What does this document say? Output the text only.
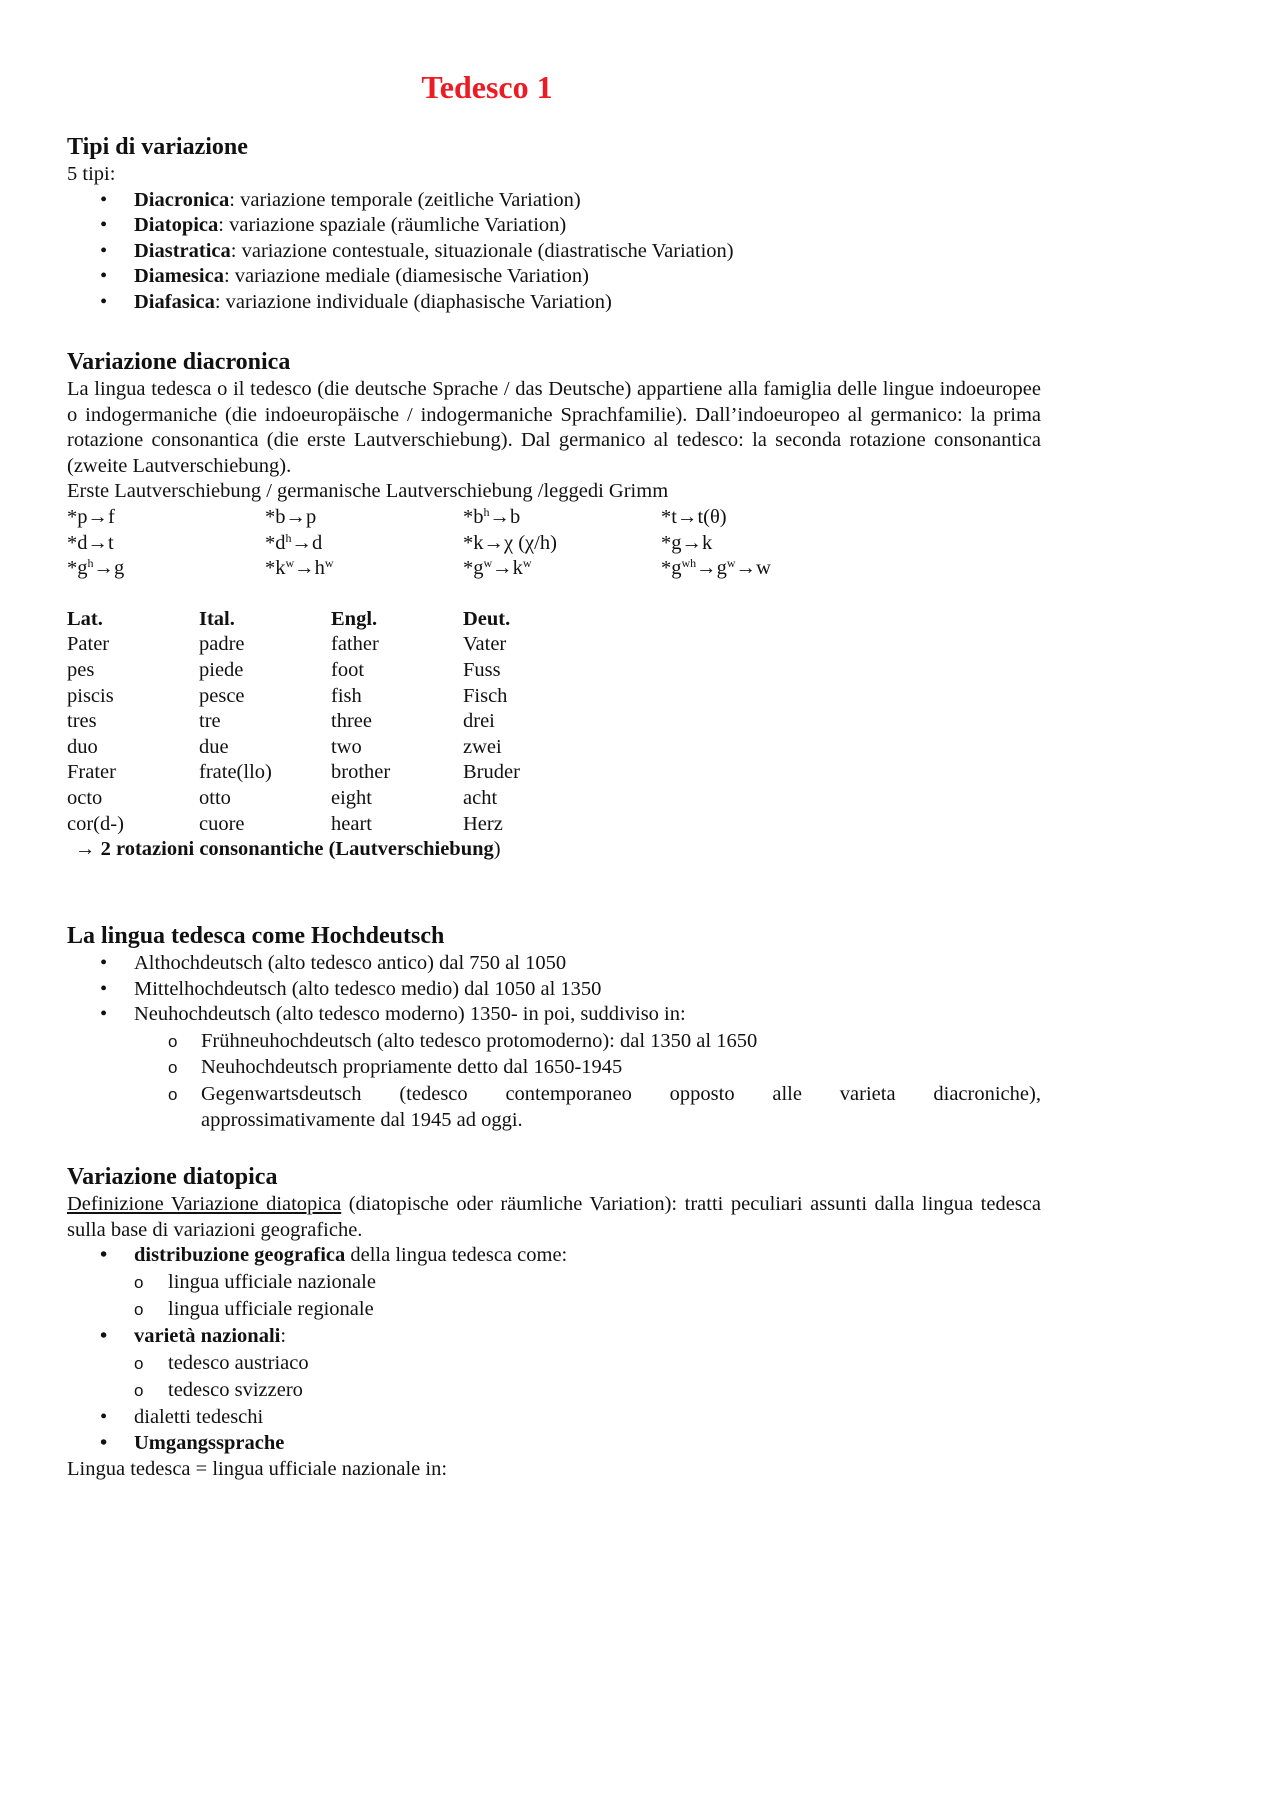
Tedesco 1
Tipi di variazione

5 tipi:

• Diacronica: variazione temporale (zeitliche Variation)
• Diatopica: variazione spaziale (räumliche Variation)
• Diastratica: variazione contestuale, situazionale (diastratische Variation)
• Diamesica: variazione mediale (diamesische Variation)
• Diafasica: variazione individuale (diaphasische Variation)
Variazione diacronica

La lingua tedesca o il tedesco (die deutsche Sprache / das Deutsche) appartiene alla famiglia delle lingue indoeuropee o indogermaniche (die indoeuropäische / indogermaniche Sprachfamilie). Dall’indoeuropeo al germanico: la prima rotazione consonantica (die erste Lautverschiebung). Dal germanico al tedesco: la seconda rotazione consonantica (zweite Lautverschiebung).

Erste Lautverschiebung / germanische Lautverschiebung /leggedi Grimm

*p→f	*b→p	$*b^h\to b$	*t→t(θ)
*d→t	$*d^h\to d$	*k→χ (χ/h)	*g→k
$*g^h\to g$	$*k^w\to h^w$	$*g^w\to k^w$	$*g^{wh}\to g^w\to w$
Lat.	Ital.	Engl.	Deut.
Pater	padre	father	Vater
pes	piede	foot	Fuss
piscis	pesce	fish	Fisch
tres	tre	three	drei
duo	due	two	zwei
Frater	frate(llo)	brother	Bruder
octo	otto	eight	acht
cor(d-)	cuore	heart	Herz

→ 2 rotazioni consonantiche (Lautverschiebung)

La lingua tedesca come Hochdeutsch
• Althochdeutsch (alto tedesco antico) dal 750 al 1050
• Mittelhochdeutsch (alto tedesco medio) dal 1050 al 1350
• Neuhochdeutsch (alto tedesco moderno) 1350- in poi, suddiviso in:
o Frühneuhochdeutsch (alto tedesco protomoderno): dal 1350 al 1650
o Neuhochdeutsch propriamente detto dal 1650-1945
o Gegenwartsdeutsch (tedesco contemporaneo opposto alle varieta diacroniche),
approssimativamente dal 1945 ad oggi.
Variazione diatopica

Definizione Variazione diatopica (diatopische oder räumliche Variation): tratti peculiari assunti dalla lingua tedesca sulla base di variazioni geografiche.

• distribuzione geografica della lingua tedesca come:
o lingua ufficiale nazionale
o lingua ufficiale regionale
• varietà nazionali:
o tedesco austriaco
o tedesco svizzero
• dialetti tedeschi
• Umgangssprache

Lingua tedesca = lingua ufficiale nazionale in:
